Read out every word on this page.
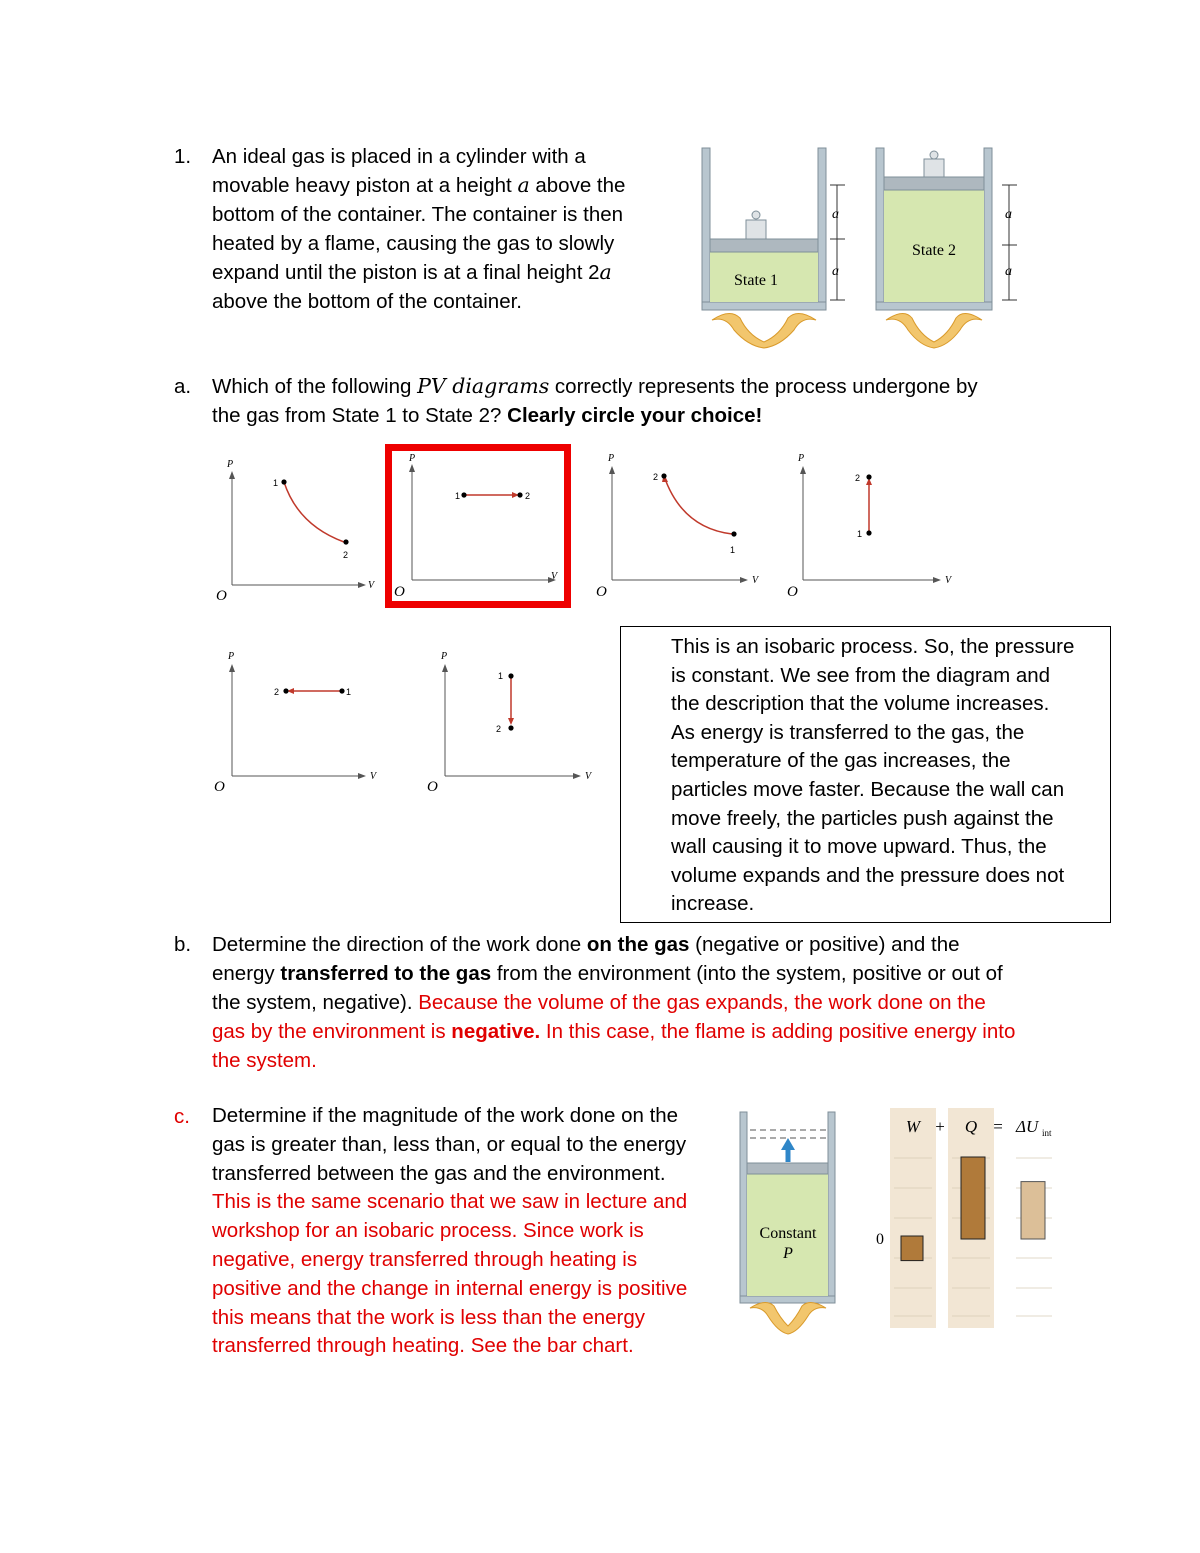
1. An ideal gas is placed in a cylinder with a
movable heavy piston at a height a above the
bottom of the container. The container is then
heated by a flame, causing the gas to slowly
expand until the piston is at a final height 2a
above the bottom of the container.
State 1
a
a
State 2
a
a
a. Which of the following PV diagrams correctly represents the process undergone by
the gas from State 1 to State 2? Clearly circle your choice!
P
V
O
1
2
P
V
O
1	2
P
V
O
2
1
P
V
O
2
1
P
V
O
2	1
P
V
O
1
2
This is an isobaric process. So, the pressure
is constant. We see from the diagram and
the description that the volume increases.
As energy is transferred to the gas, the
temperature of the gas increases, the
particles move faster. Because the wall can
move freely, the particles push against the
wall causing it to move upward. Thus, the
volume expands and the pressure does not
increase.
b. Determine the direction of the work done on the gas (negative or positive) and the
energy transferred to the gas from the environment (into the system, positive or out of
the system, negative). Because the volume of the gas expands, the work done on the
gas by the environment is negative. In this case, the flame is adding positive energy into
the system.
c. Determine if the magnitude of the work done on the
gas is greater than, less than, or equal to the energy
transferred between the gas and the environment.
This is the same scenario that we saw in lecture and
workshop for an isobaric process. Since work is
negative, energy transferred through heating is
positive and the change in internal energy is positive
this means that the work is less than the energy
transferred through heating. See the bar chart.
Constant
P
W + Q = ΔU int
0
